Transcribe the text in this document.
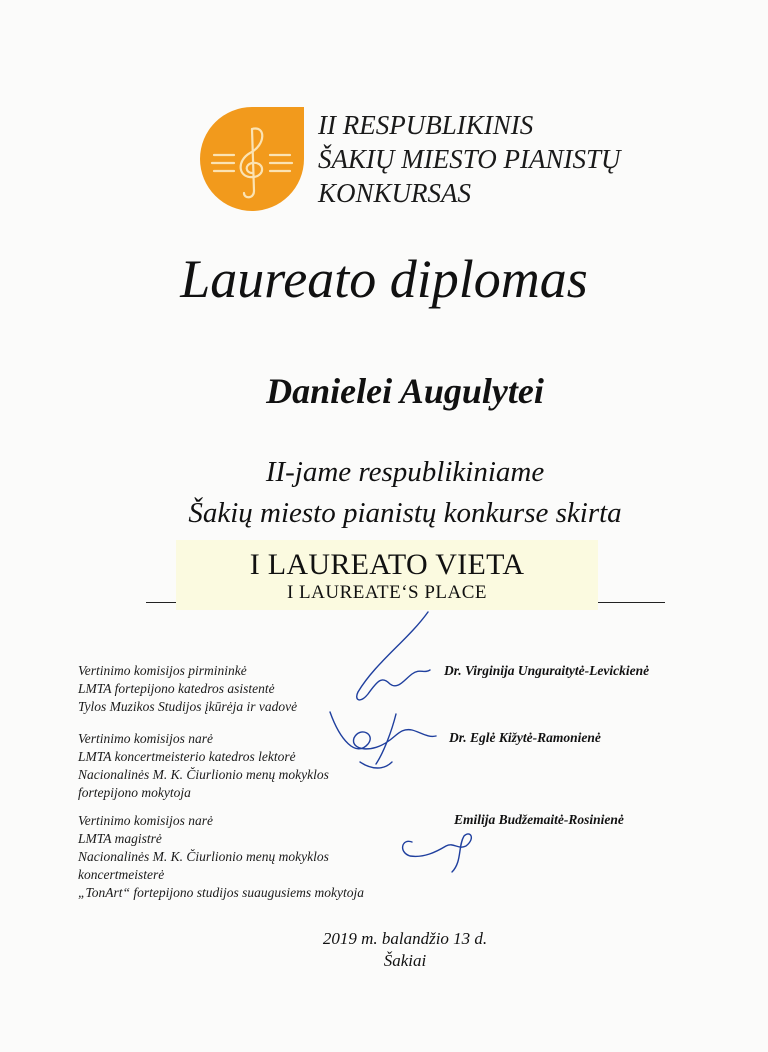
II RESPUBLIKINIS
ŠAKIŲ MIESTO PIANISTŲ
KONKURSAS
Laureato diplomas
Danielei Augulytei
II-jame respublikiniame
Šakių miesto pianistų konkurse skirta
I LAUREATO VIETA
I LAUREATE‘S PLACE
Vertinimo komisijos pirmininkė
LMTA fortepijono katedros asistentė
Tylos Muzikos Studijos įkūrėja ir vadovė
Dr. Virginija Unguraitytė-Levickienė
Vertinimo komisijos narė
LMTA koncertmeisterio katedros lektorė
Nacionalinės M. K. Čiurlionio menų mokyklos
fortepijono mokytoja
Dr. Eglė Kižytė-Ramonienė
Vertinimo komisijos narė
LMTA magistrė
Nacionalinės M. K. Čiurlionio menų mokyklos
koncertmeisterė
„TonArt“ fortepijono studijos suaugusiems mokytoja
Emilija Budžemaitė-Rosinienė
2019 m. balandžio 13 d.
Šakiai
